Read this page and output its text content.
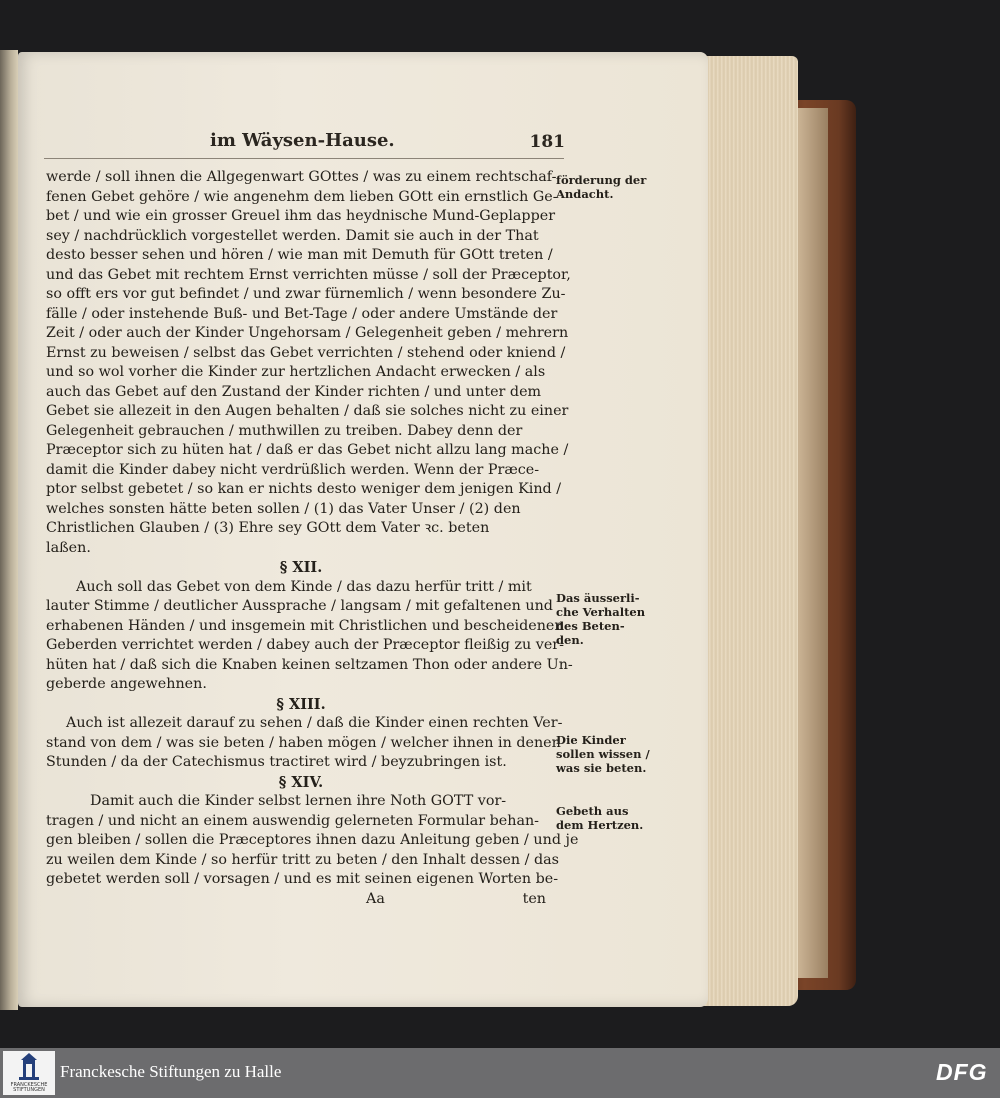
im Wäysen-Hause.	181
werde / soll ihnen die Allgegenwart GOttes / was zu einem rechtschaf-
fenen Gebet gehöre / wie angenehm dem lieben GOtt ein ernstlich Ge-
bet / und wie ein grosser Greuel ihm das heydnische Mund-Geplapper
sey / nachdrücklich vorgestellet werden. Damit sie auch in der That
desto besser sehen und hören / wie man mit Demuth für GOtt treten /
und das Gebet mit rechtem Ernst verrichten müsse / soll der Præceptor,
so offt ers vor gut befindet / und zwar fürnemlich / wenn besondere Zu-
fälle / oder instehende Buß- und Bet-Tage / oder andere Umstände der
Zeit / oder auch der Kinder Ungehorsam / Gelegenheit geben / mehrern
Ernst zu beweisen / selbst das Gebet verrichten / stehend oder kniend /
und so wol vorher die Kinder zur hertzlichen Andacht erwecken / als
auch das Gebet auf den Zustand der Kinder richten / und unter dem
Gebet sie allezeit in den Augen behalten / daß sie solches nicht zu einer
Gelegenheit gebrauchen / muthwillen zu treiben. Dabey denn der
Præceptor sich zu hüten hat / daß er das Gebet nicht allzu lang mache /
damit die Kinder dabey nicht verdrüßlich werden. Wenn der Præce-
ptor selbst gebetet / so kan er nichts desto weniger dem jenigen Kind /
welches sonsten hätte beten sollen / (1) das Vater Unser / (2) den
Christlichen Glauben / (3) Ehre sey GOtt dem Vater ꝛc. beten
laßen.
§ XII.
Auch soll das Gebet von dem Kinde / das dazu herfür tritt / mit
lauter Stimme / deutlicher Aussprache / langsam / mit gefaltenen und
erhabenen Händen / und insgemein mit Christlichen und bescheidenen
Geberden verrichtet werden / dabey auch der Præceptor fleißig zu ver-
hüten hat / daß sich die Knaben keinen seltzamen Thon oder andere Un-
geberde angewehnen.
§ XIII.
Auch ist allezeit darauf zu sehen / daß die Kinder einen rechten Ver-
stand von dem / was sie beten / haben mögen / welcher ihnen in denen
Stunden / da der Catechismus tractiret wird / beyzubringen ist.
§ XIV.
Damit auch die Kinder selbst lernen ihre Noth GOTT vor-
tragen / und nicht an einem auswendig gelerneten Formular behan-
gen bleiben / sollen die Præceptores ihnen dazu Anleitung geben / und je
zu weilen dem Kinde / so herfür tritt zu beten / den Inhalt dessen / das
gebetet werden soll / vorsagen / und es mit seinen eigenen Worten be-
Aa	ten
förderung der
Andacht.
Das äusserli-
che Verhalten
des Beten-
den.
Die Kinder
sollen wissen /
was sie beten.
Gebeth aus
dem Hertzen.
FRANCKESCHE
STIFTUNGEN
Franckesche Stiftungen zu Halle	DFG
